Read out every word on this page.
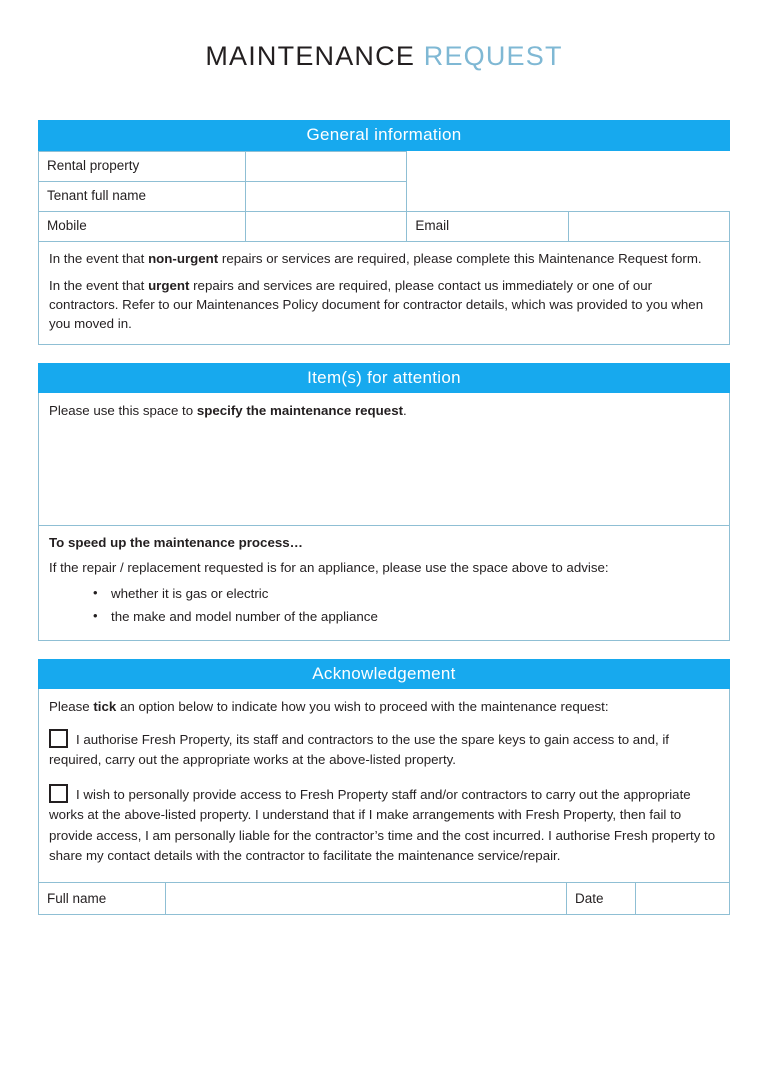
MAINTENANCE REQUEST
General information
Rental property			
Tenant full name			
Mobile		Email	

In the event that non-urgent repairs or services are required, please complete this Maintenance Request form.

In the event that urgent repairs and services are required, please contact us immediately or one of our contractors. Refer to our Maintenances Policy document for contractor details, which was provided to you when you moved in.

Item(s) for attention

Please use this space to specify the maintenance request.

To speed up the maintenance process…

If the repair / replacement requested is for an appliance, please use the space above to advise:

• whether it is gas or electric
• the make and model number of the appliance
Acknowledgement

Please tick an option below to indicate how you wish to proceed with the maintenance request:

I authorise Fresh Property, its staff and contractors to the use the spare keys to gain access to and, if required, carry out the appropriate works at the above-listed property.

I wish to personally provide access to Fresh Property staff and/or contractors to carry out the appropriate works at the above-listed property. I understand that if I make arrangements with Fresh Property, then fail to provide access, I am personally liable for the contractor’s time and the cost incurred. I authorise Fresh property to share my contact details with the contractor to facilitate the maintenance service/repair.

Full name		Date	
